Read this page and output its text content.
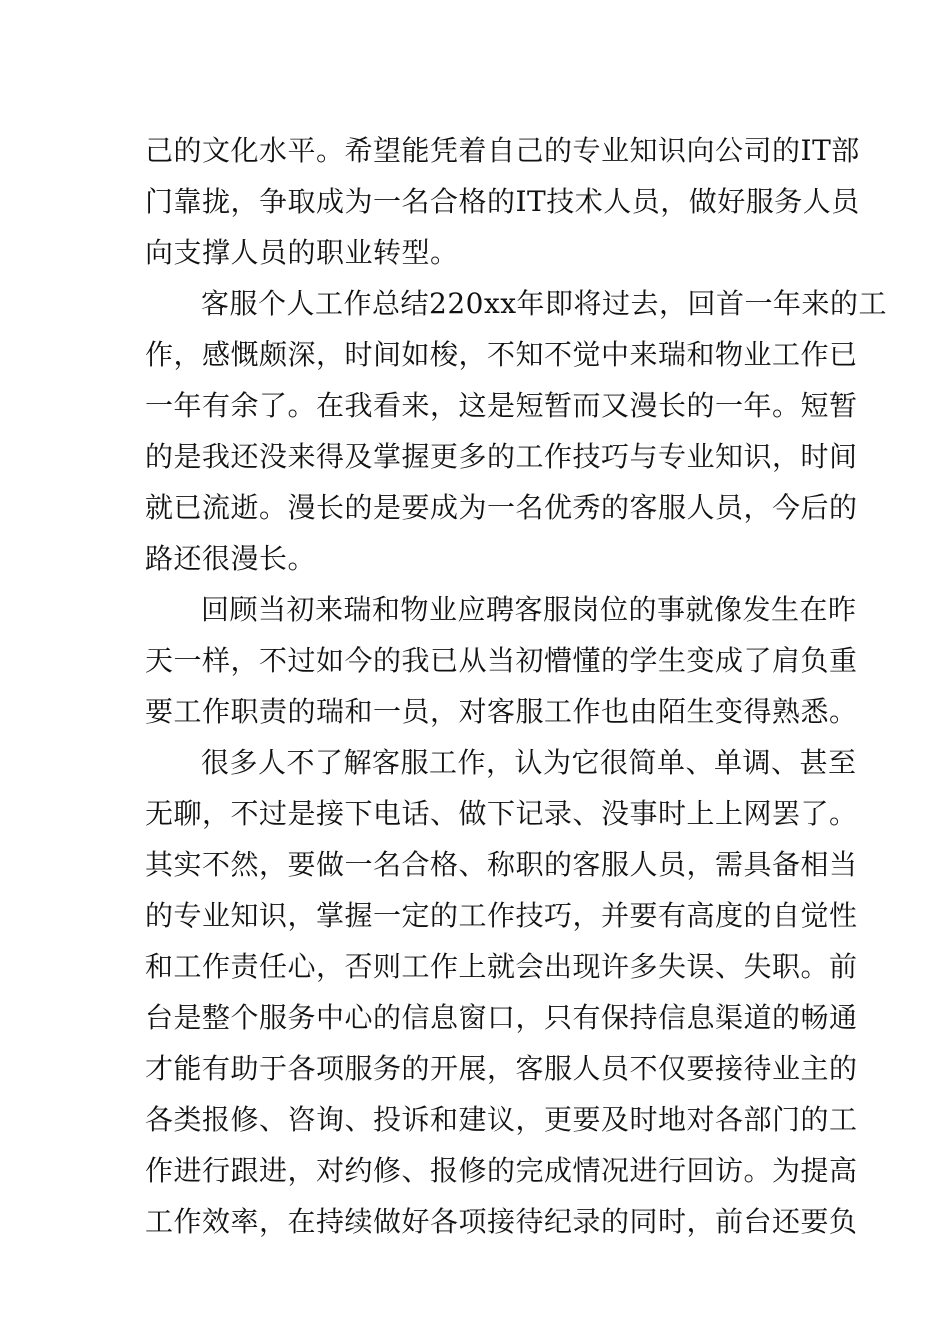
己的文化水平。希望能凭着自己的专业知识向公司的IT部
门靠拢，争取成为一名合格的IT技术人员，做好服务人员
向支撑人员的职业转型。
客服个人工作总结220xx年即将过去，回首一年来的工
作，感慨颇深，时间如梭，不知不觉中来瑞和物业工作已
一年有余了。在我看来，这是短暂而又漫长的一年。短暂
的是我还没来得及掌握更多的工作技巧与专业知识，时间
就已流逝。漫长的是要成为一名优秀的客服人员，今后的
路还很漫长。
回顾当初来瑞和物业应聘客服岗位的事就像发生在昨
天一样，不过如今的我已从当初懵懂的学生变成了肩负重
要工作职责的瑞和一员，对客服工作也由陌生变得熟悉。
很多人不了解客服工作，认为它很简单、单调、甚至
无聊，不过是接下电话、做下记录、没事时上上网罢了。
其实不然，要做一名合格、称职的客服人员，需具备相当
的专业知识，掌握一定的工作技巧，并要有高度的自觉性
和工作责任心，否则工作上就会出现许多失误、失职。前
台是整个服务中心的信息窗口，只有保持信息渠道的畅通
才能有助于各项服务的开展，客服人员不仅要接待业主的
各类报修、咨询、投诉和建议，更要及时地对各部门的工
作进行跟进，对约修、报修的完成情况进行回访。为提高
工作效率，在持续做好各项接待纪录的同时，前台还要负
